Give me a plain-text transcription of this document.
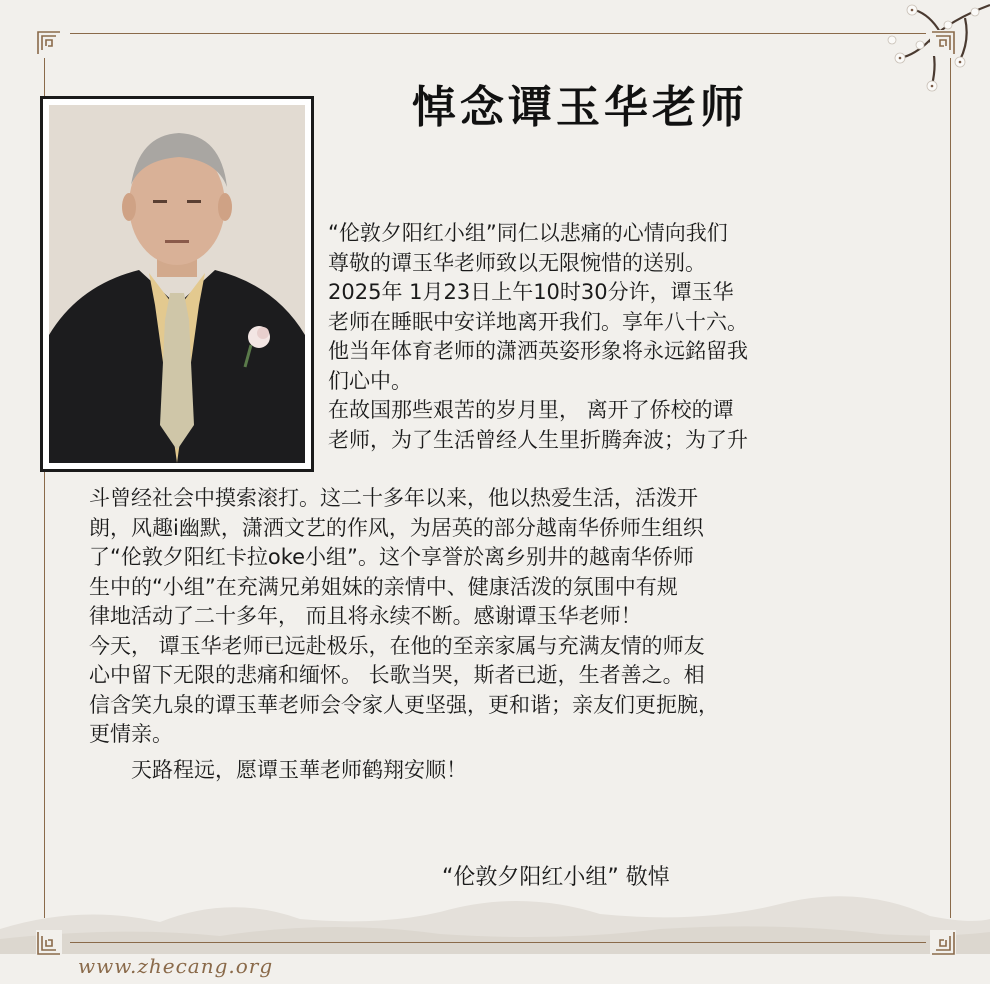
悼念谭玉华老师
“伦敦夕阳红小组”同仁以悲痛的心情向我们
尊敬的谭玉华老师致以无限惋惜的送别。
2025年 1月23日上午10时30分许，谭玉华
老师在睡眠中安详地离开我们。享年八十六。
他当年体育老师的潇洒英姿形象将永远銘留我
们心中。
在故国那些艰苦的岁月里， 离开了侨校的谭
老师，为了生活曾经人生里折腾奔波；为了升
斗曾经社会中摸索滚打。这二十多年以来，他以热爱生活，活泼开
朗，风趣i幽默，潇洒文艺的作风，为居英的部分越南华侨师生组织
了“伦敦夕阳红卡拉oke小组”。这个享誉於离乡别井的越南华侨师
生中的“小组”在充满兄弟姐妹的亲情中、健康活泼的氛围中有规
律地活动了二十多年， 而且将永续不断。感谢谭玉华老师！
今天， 谭玉华老师已远赴极乐，在他的至亲家属与充满友情的师友
心中留下无限的悲痛和缅怀。 长歌当哭，斯者已逝，生者善之。相
信含笑九泉的谭玉華老师会令家人更坚强，更和谐；亲友们更扼腕，
更情亲。
　　天路程远，愿谭玉華老师鹤翔安顺！
“伦敦夕阳红小组” 敬悼
www.zhecang.org
